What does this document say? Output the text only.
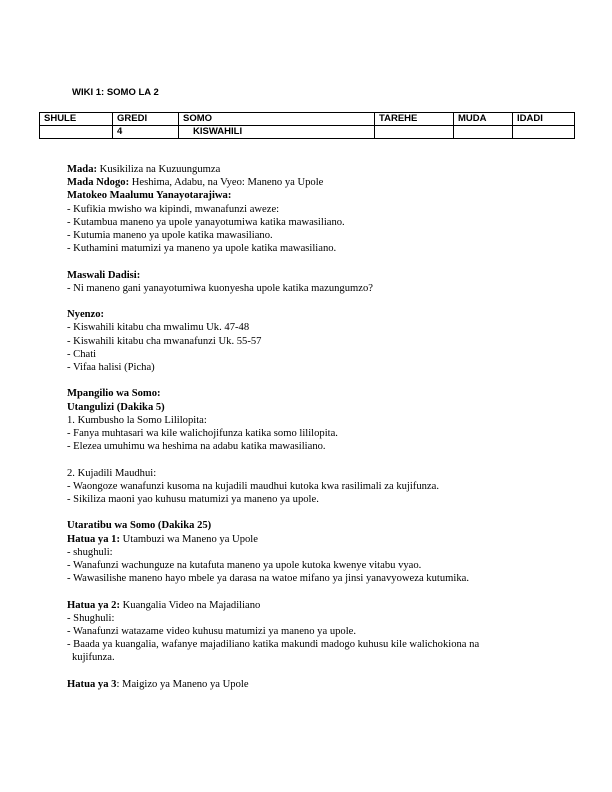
WIKI 1: SOMO LA 2
SHULE	GREDI	SOMO	TAREHE	MUDA	IDADI
	4	KISWAHILI			
Mada: Kusikiliza na Kuzuungumza
Mada Ndogo: Heshima, Adabu, na Vyeo: Maneno ya Upole
Matokeo Maalumu Yanayotarajiwa:
- Kufikia mwisho wa kipindi, mwanafunzi aweze:
- Kutambua maneno ya upole yanayotumiwa katika mawasiliano.
- Kutumia maneno ya upole katika mawasiliano.
- Kuthamini matumizi ya maneno ya upole katika mawasiliano.
Maswali Dadisi:
- Ni maneno gani yanayotumiwa kuonyesha upole katika mazungumzo?
Nyenzo:
- Kiswahili kitabu cha mwalimu Uk. 47-48
- Kiswahili kitabu cha mwanafunzi Uk. 55-57
- Chati
- Vifaa halisi (Picha)
Mpangilio wa Somo:
Utangulizi (Dakika 5)
1. Kumbusho la Somo Lililopita:
- Fanya muhtasari wa kile walichojifunza katika somo lililopita.
- Elezea umuhimu wa heshima na adabu katika mawasiliano.
2. Kujadili Maudhui:
- Waongoze wanafunzi kusoma na kujadili maudhui kutoka kwa rasilimali za kujifunza.
- Sikiliza maoni yao kuhusu matumizi ya maneno ya upole.
Utaratibu wa Somo (Dakika 25)
Hatua ya 1: Utambuzi wa Maneno ya Upole
- shughuli:
- Wanafunzi wachunguze na kutafuta maneno ya upole kutoka kwenye vitabu vyao.
- Wawasilishe maneno hayo mbele ya darasa na watoe mifano ya jinsi yanavyoweza kutumika.
Hatua ya 2: Kuangalia Video na Majadiliano
- Shughuli:
- Wanafunzi watazame video kuhusu matumizi ya maneno ya upole.
- Baada ya kuangalia, wafanye majadiliano katika makundi madogo kuhusu kile walichokiona na
kujifunza.
Hatua ya 3: Maigizo ya Maneno ya Upole
